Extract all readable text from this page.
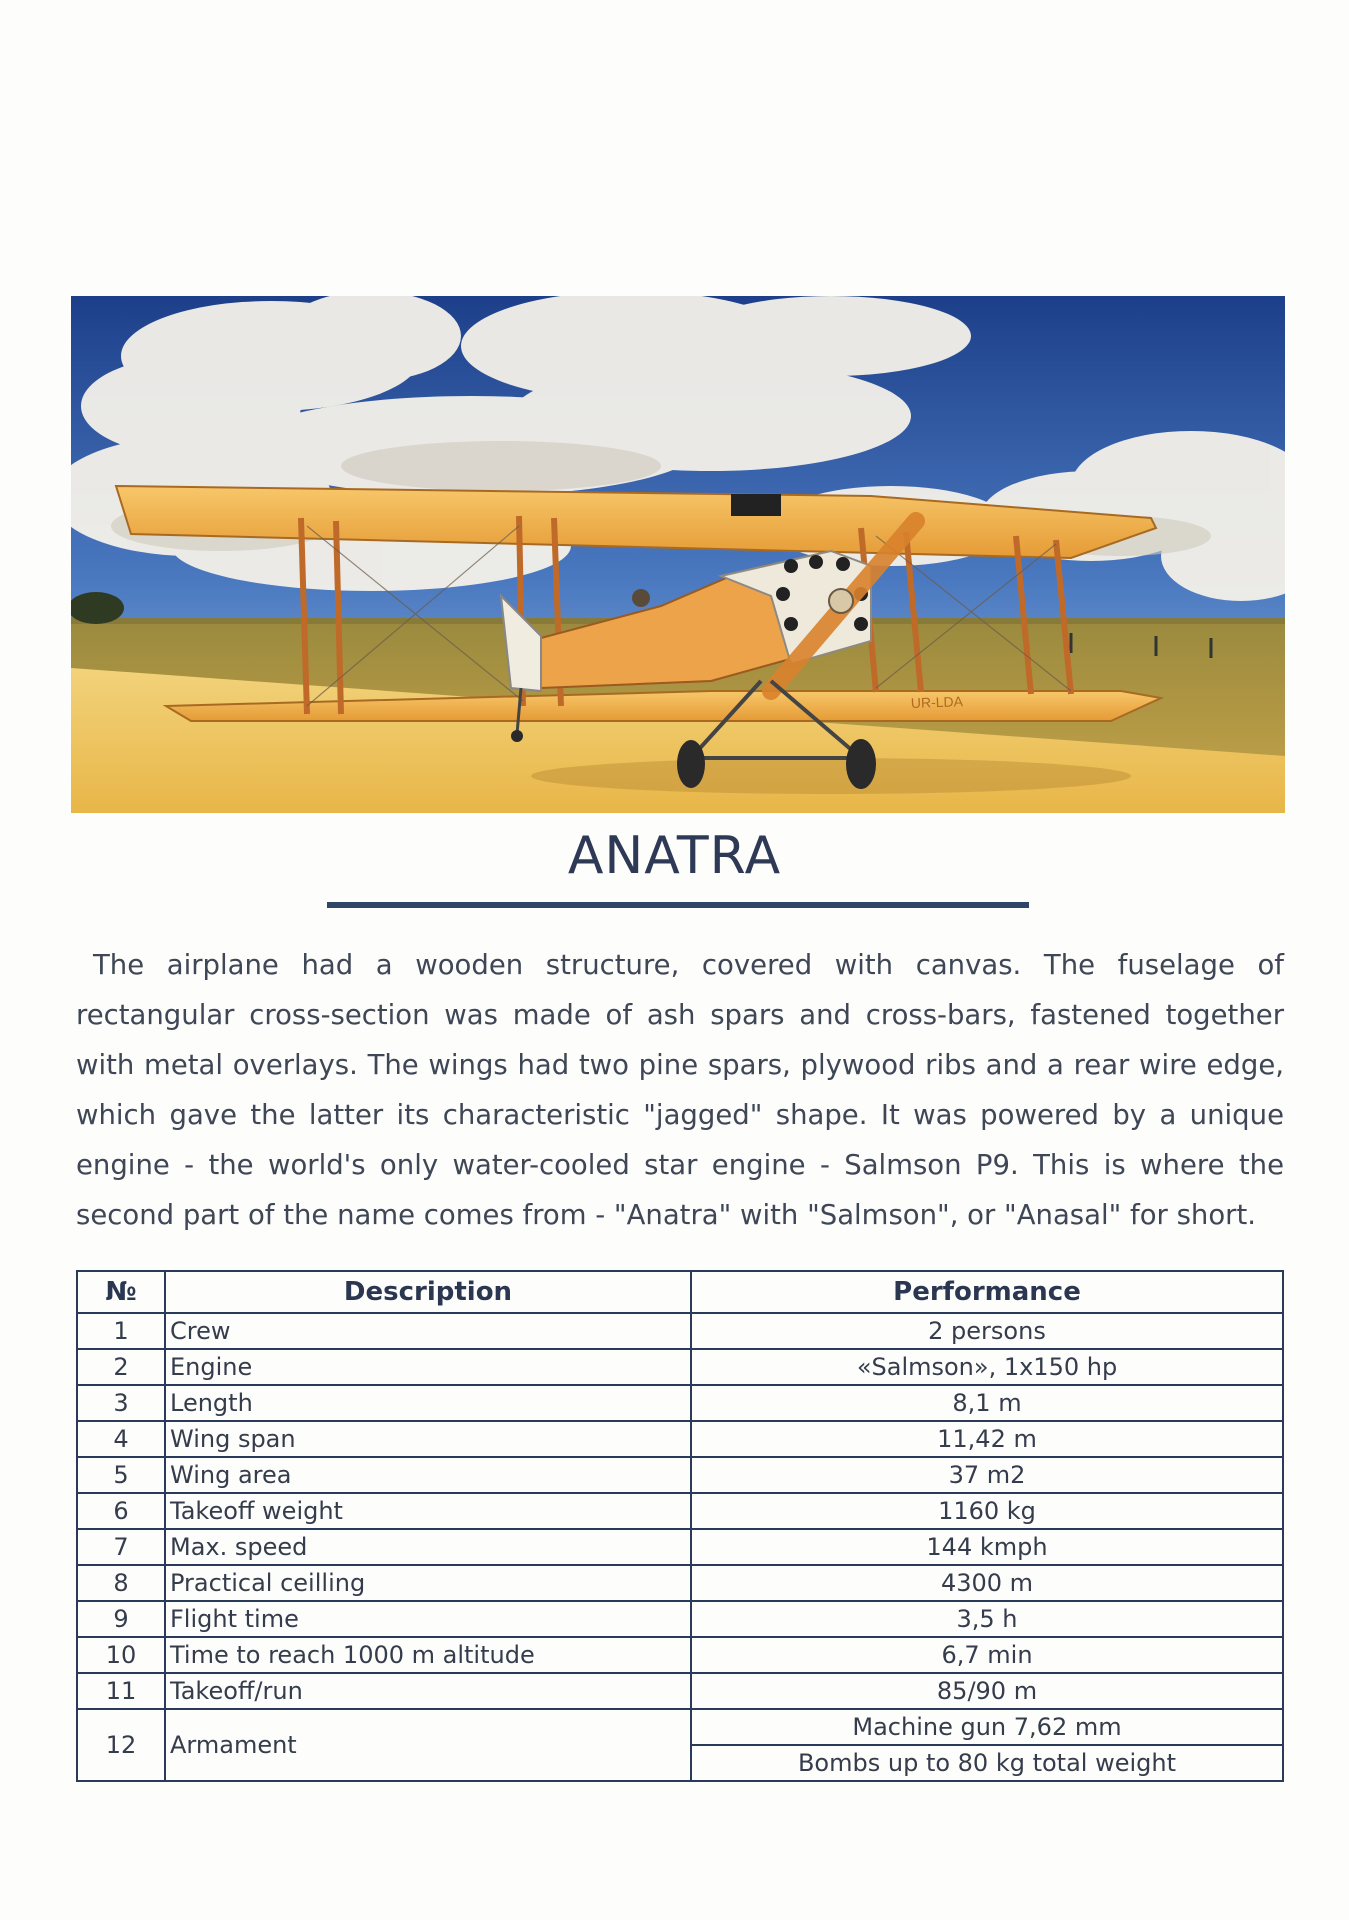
UR-LDA
ANATRA

The airplane had a wooden structure, covered with canvas. The fuselage of rectangular cross-section was made of ash spars and cross-bars, fastened together with metal overlays. The wings had two pine spars, plywood ribs and a rear wire edge, which gave the latter its characteristic "jagged" shape. It was powered by a unique engine - the world's only water-cooled star engine - Salmson P9. This is where the second part of the name comes from - "Anatra" with "Salmson", or "Anasal" for short.

№	Description	Performance
1	Crew	2 persons
2	Engine	«Salmson», 1x150 hp
3	Length	8,1 m
4	Wing span	11,42 m
5	Wing area	37 m2
6	Takeoff weight	1160 kg
7	Max. speed	144 kmph
8	Practical ceilling	4300 m
9	Flight time	3,5 h
10	Time to reach 1000 m altitude	6,7 min
11	Takeoff/run	85/90 m
12	Armament	Machine gun 7,62 mm
		Bombs up to 80 kg total weight
